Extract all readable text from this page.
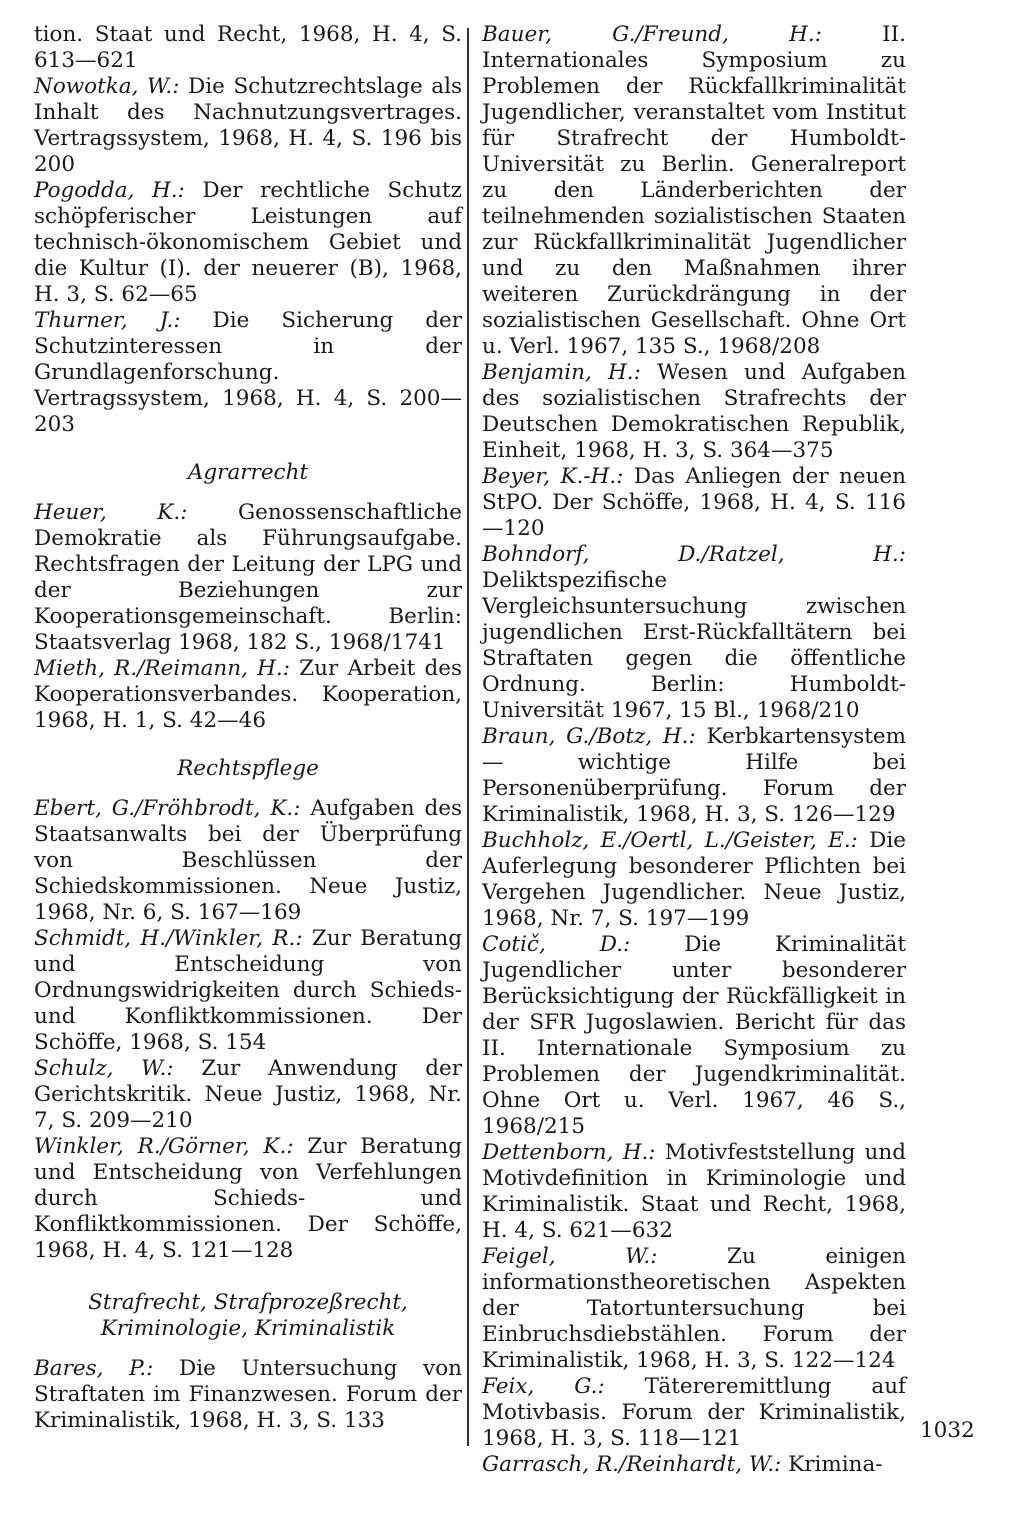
tion. Staat und Recht, 1968, H. 4, S. 613—621

Nowotka, W.: Die Schutzrechtslage als Inhalt des Nachnutzungsvertrages. Vertragssystem, 1968, H. 4, S. 196 bis 200

Pogodda, H.: Der rechtliche Schutz schöpferischer Leistungen auf technisch-ökonomischem Gebiet und die Kultur (I). der neuerer (B), 1968, H. 3, S. 62—65

Thurner, J.: Die Sicherung der Schutzinteressen in der Grundlagenforschung. Vertragssystem, 1968, H. 4, S. 200—203

Agrarrecht

Heuer, K.: Genossenschaftliche Demokratie als Führungsaufgabe. Rechtsfragen der Leitung der LPG und der Beziehungen zur Kooperationsgemeinschaft. Berlin: Staatsverlag 1968, 182 S., 1968/1741

Mieth, R./Reimann, H.: Zur Arbeit des Kooperationsverbandes. Kooperation, 1968, H. 1, S. 42—46

Rechtspflege

Ebert, G./Fröhbrodt, K.: Aufgaben des Staatsanwalts bei der Überprüfung von Beschlüssen der Schiedskommissionen. Neue Justiz, 1968, Nr. 6, S. 167—169

Schmidt, H./Winkler, R.: Zur Beratung und Entscheidung von Ordnungswidrigkeiten durch Schieds- und Konfliktkommissionen. Der Schöffe, 1968, S. 154

Schulz, W.: Zur Anwendung der Gerichtskritik. Neue Justiz, 1968, Nr. 7, S. 209—210

Winkler, R./Görner, K.: Zur Beratung und Entscheidung von Verfehlungen durch Schieds- und Konfliktkommissionen. Der Schöffe, 1968, H. 4, S. 121—128

Strafrecht, Strafprozeßrecht,
Kriminologie, Kriminalistik

Bares, P.: Die Untersuchung von Straftaten im Finanzwesen. Forum der Kriminalistik, 1968, H. 3, S. 133

Bauer, G./Freund, H.: II. Internationales Symposium zu Problemen der Rückfallkriminalität Jugendlicher, veranstaltet vom Institut für Strafrecht der Humboldt-Universität zu Berlin. Generalreport zu den Länderberichten der teilnehmenden sozialistischen Staaten zur Rückfallkriminalität Jugendlicher und zu den Maßnahmen ihrer weiteren Zurückdrängung in der sozialistischen Gesellschaft. Ohne Ort u. Verl. 1967, 135 S., 1968/208

Benjamin, H.: Wesen und Aufgaben des sozialistischen Strafrechts der Deutschen Demokratischen Republik, Einheit, 1968, H. 3, S. 364—375

Beyer, K.-H.: Das Anliegen der neuen StPO. Der Schöffe, 1968, H. 4, S. 116—120

Bohndorf, D./Ratzel, H.: Deliktspezifische Vergleichsuntersuchung zwischen jugendlichen Erst-Rückfalltätern bei Straftaten gegen die öffentliche Ordnung. Berlin: Humboldt-Universität 1967, 15 Bl., 1968/210

Braun, G./Botz, H.: Kerbkartensystem — wichtige Hilfe bei Personenüberprüfung. Forum der Kriminalistik, 1968, H. 3, S. 126—129

Buchholz, E./Oertl, L./Geister, E.: Die Auferlegung besonderer Pflichten bei Vergehen Jugendlicher. Neue Justiz, 1968, Nr. 7, S. 197—199

Cotič, D.: Die Kriminalität Jugendlicher unter besonderer Berücksichtigung der Rückfälligkeit in der SFR Jugoslawien. Bericht für das II. Internationale Symposium zu Problemen der Jugendkriminalität. Ohne Ort u. Verl. 1967, 46 S., 1968/215

Dettenborn, H.: Motivfeststellung und Motivdefinition in Kriminologie und Kriminalistik. Staat und Recht, 1968, H. 4, S. 621—632

Feigel, W.: Zu einigen informationstheoretischen Aspekten der Tatortuntersuchung bei Einbruchsdiebstählen. Forum der Kriminalistik, 1968, H. 3, S. 122—124

Feix, G.: Tätereremittlung auf Motivbasis. Forum der Kriminalistik, 1968, H. 3, S. 118—121

Garrasch, R./Reinhardt, W.: Krimina-

1032
